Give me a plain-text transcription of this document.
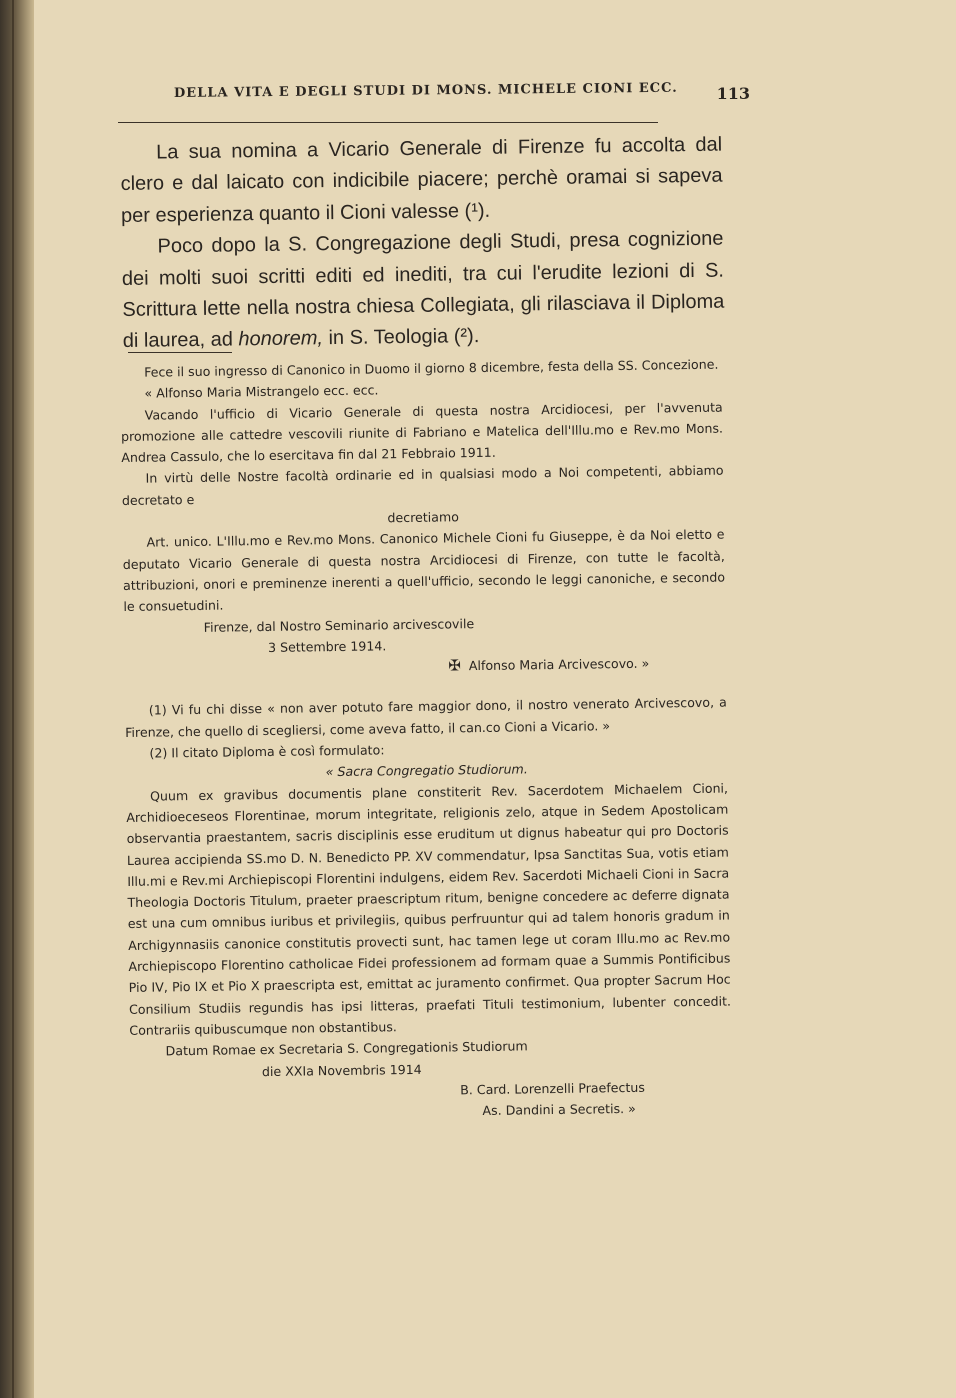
DELLA VITA E DEGLI STUDI DI MONS. MICHELE CIONI ECC. 113

La sua nomina a Vicario Generale di Firenze fu accolta dal clero e dal laicato con indicibile piacere; perchè oramai si sapeva per esperienza quanto il Cioni valesse (¹).

Poco dopo la S. Congregazione degli Studi, presa cognizione dei molti suoi scritti editi ed inediti, tra cui l'erudite lezioni di S. Scrittura lette nella nostra chiesa Collegiata, gli rilasciava il Diploma di laurea, ad honorem, in S. Teologia (²).

Fece il suo ingresso di Canonico in Duomo il giorno 8 dicembre, festa della SS. Concezione.

« Alfonso Maria Mistrangelo ecc. ecc.

Vacando l'ufficio di Vicario Generale di questa nostra Arcidiocesi, per l'avvenuta promozione alle cattedre vescovili riunite di Fabriano e Matelica dell'Illu.mo e Rev.mo Mons. Andrea Cassulo, che lo esercitava fin dal 21 Febbraio 1911.

In virtù delle Nostre facoltà ordinarie ed in qualsiasi modo a Noi competenti, abbiamo decretato e

decretiamo

Art. unico. L'Illu.mo e Rev.mo Mons. Canonico Michele Cioni fu Giuseppe, è da Noi eletto e deputato Vicario Generale di questa nostra Arcidiocesi di Firenze, con tutte le facoltà, attribuzioni, onori e preminenze inerenti a quell'ufficio, secondo le leggi canoniche, e secondo le consuetudini.

Firenze, dal Nostro Seminario arcivescovile

3 Settembre 1914.

✠ Alfonso Maria Arcivescovo. »

(1) Vi fu chi disse « non aver potuto fare maggior dono, il nostro venerato Arcivescovo, a Firenze, che quello di scegliersi, come aveva fatto, il can.co Cioni a Vicario. »

(2) Il citato Diploma è così formulato:

« Sacra Congregatio Studiorum.

Quum ex gravibus documentis plane constiterit Rev. Sacerdotem Michaelem Cioni, Archidioeceseos Florentinae, morum integritate, religionis zelo, atque in Sedem Apostolicam observantia praestantem, sacris disciplinis esse eruditum ut dignus habeatur qui pro Doctoris Laurea accipienda SS.mo D. N. Benedicto PP. XV commendatur, Ipsa Sanctitas Sua, votis etiam Illu.mi e Rev.mi Archiepiscopi Florentini indulgens, eidem Rev. Sacerdoti Michaeli Cioni in Sacra Theologia Doctoris Titulum, praeter praescriptum ritum, benigne concedere ac deferre dignata est una cum omnibus iuribus et privilegiis, quibus perfruuntur qui ad talem honoris gradum in Archigynnasiis canonice constitutis provecti sunt, hac tamen lege ut coram Illu.mo ac Rev.mo Archiepiscopo Florentino catholicae Fidei professionem ad formam quae a Summis Pontificibus Pio IV, Pio IX et Pio X praescripta est, emittat ac juramento confirmet. Qua propter Sacrum Hoc Consilium Studiis regundis has ipsi litteras, praefati Tituli testimonium, lubenter concedit. Contrariis quibuscumque non obstantibus.

Datum Romae ex Secretaria S. Congregationis Studiorum

die XXIa Novembris 1914

B. Card. Lorenzelli Praefectus

As. Dandini a Secretis. »
